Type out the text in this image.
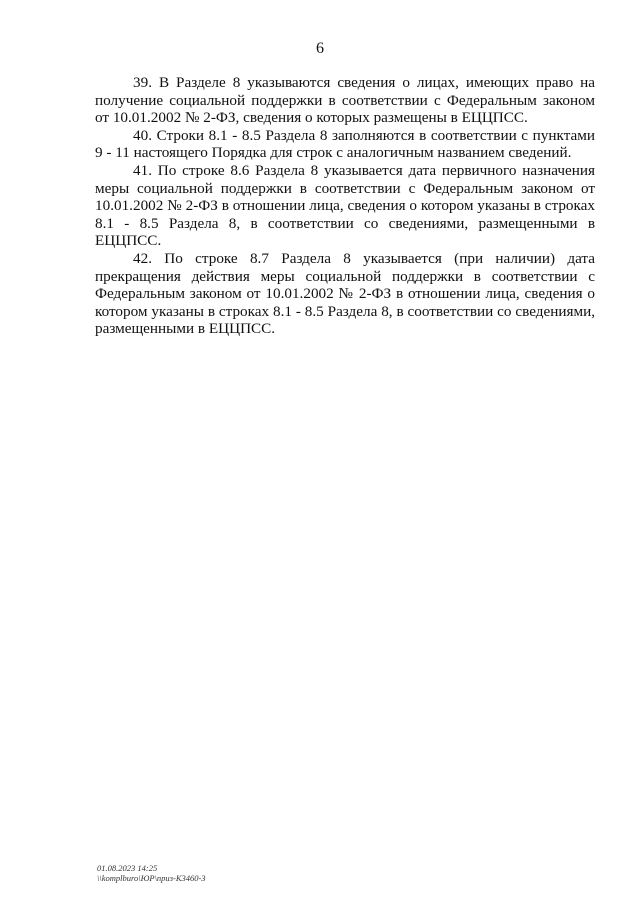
6

39. В Разделе 8 указываются сведения о лицах, имеющих право на получение социальной поддержки в соответствии с Федеральным законом от 10.01.2002 № 2-ФЗ, сведения о которых размещены в ЕЦЦПСС.

40. Строки 8.1 - 8.5 Раздела 8 заполняются в соответствии с пунктами 9 - 11 настоящего Порядка для строк с аналогичным названием сведений.

41. По строке 8.6 Раздела 8 указывается дата первичного назначения меры социальной поддержки в соответствии с Федеральным законом от 10.01.2002 № 2-ФЗ в отношении лица, сведения о котором указаны в строках 8.1 - 8.5 Раздела 8, в соответствии со сведениями, размещенными в ЕЦЦПСС.

42. По строке 8.7 Раздела 8 указывается (при наличии) дата прекращения действия меры социальной поддержки в соответствии с Федеральным законом от 10.01.2002 № 2-ФЗ в отношении лица, сведения о котором указаны в строках 8.1 - 8.5 Раздела 8, в соответствии со сведениями, размещенными в ЕЦЦПСС.

01.08.2023 14:25
\\komplburo\ЮР\приз-К3460-3
